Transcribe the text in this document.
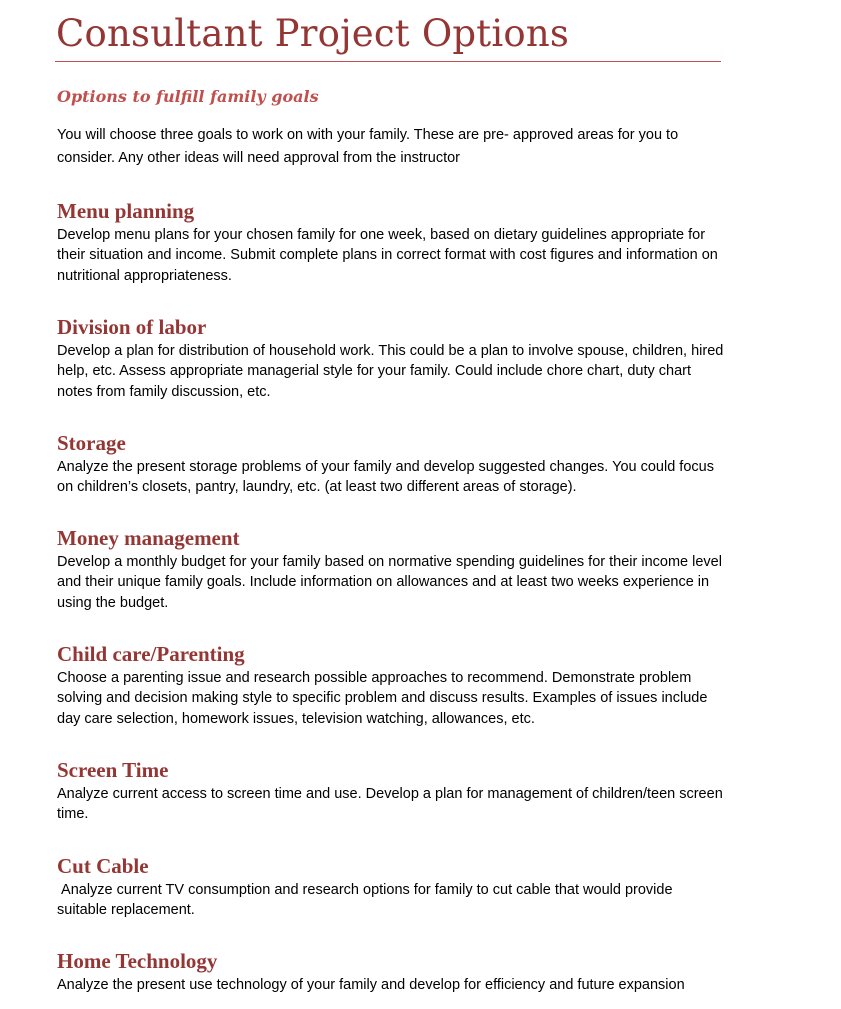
Consultant Project Options
Options to fulfill family goals

You will choose three goals to work on with your family. These are pre- approved areas for you to consider. Any other ideas will need approval from the instructor

Menu planning

Develop menu plans for your chosen family for one week, based on dietary guidelines appropriate for their situation and income. Submit complete plans in correct format with cost figures and information on nutritional appropriateness.

Division of labor

Develop a plan for distribution of household work. This could be a plan to involve spouse, children, hired help, etc. Assess appropriate managerial style for your family. Could include chore chart, duty chart notes from family discussion, etc.

Storage

Analyze the present storage problems of your family and develop suggested changes. You could focus on children’s closets, pantry, laundry, etc. (at least two different areas of storage).

Money management

Develop a monthly budget for your family based on normative spending guidelines for their income level and their unique family goals. Include information on allowances and at least two weeks experience in using the budget.

Child care/Parenting

Choose a parenting issue and research possible approaches to recommend. Demonstrate problem solving and decision making style to specific problem and discuss results. Examples of issues include day care selection, homework issues, television watching, allowances, etc.

Screen Time

Analyze current access to screen time and use. Develop a plan for management of children/teen screen time.

Cut Cable

Analyze current TV consumption and research options for family to cut cable that would provide suitable replacement.

Home Technology

Analyze the present use technology of your family and develop for efficiency and future expansion
